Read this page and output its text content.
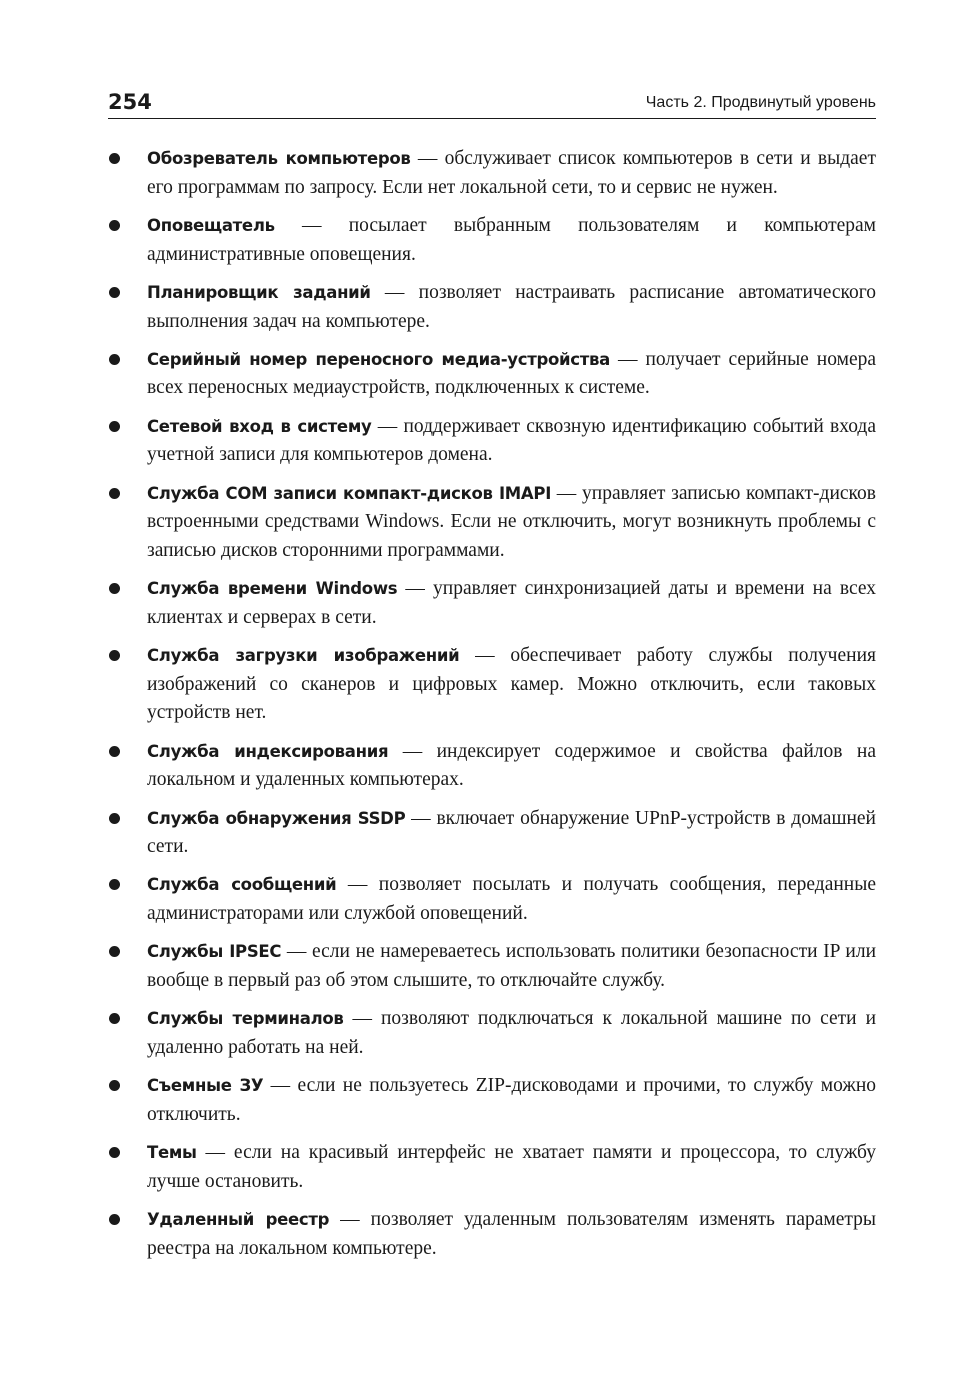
254	Часть 2. Продвинутый уровень
Обозреватель компьютеров — обслуживает список компьютеров в сети и выдает его программам по запросу. Если нет локальной сети, то и сервис не нужен.
Оповещатель — посылает выбранным пользователям и компьютерам административные оповещения.
Планировщик заданий — позволяет настраивать расписание автоматического выполнения задач на компьютере.
Серийный номер переносного медиа-устройства — получает серийные номера всех переносных медиаустройств, подключенных к системе.
Сетевой вход в систему — поддерживает сквозную идентификацию событий входа учетной записи для компьютеров домена.
Служба COM записи компакт-дисков IMAPI — управляет записью компакт-дисков встроенными средствами Windows. Если не отключить, могут возникнуть проблемы с записью дисков сторонними программами.
Служба времени Windows — управляет синхронизацией даты и времени на всех клиентах и серверах в сети.
Служба загрузки изображений — обеспечивает работу службы получения изображений со сканеров и цифровых камер. Можно отключить, если таковых устройств нет.
Служба индексирования — индексирует содержимое и свойства файлов на локальном и удаленных компьютерах.
Служба обнаружения SSDP — включает обнаружение UPnP-устройств в домашней сети.
Служба сообщений — позволяет посылать и получать сообщения, переданные администраторами или службой оповещений.
Службы IPSEC — если не намереваетесь использовать политики безопасности IP или вообще в первый раз об этом слышите, то отключайте службу.
Службы терминалов — позволяют подключаться к локальной машине по сети и удаленно работать на ней.
Съемные ЗУ — если не пользуетесь ZIP-дисководами и прочими, то службу можно отключить.
Темы — если на красивый интерфейс не хватает памяти и процессора, то службу лучше остановить.
Удаленный реестр — позволяет удаленным пользователям изменять параметры реестра на локальном компьютере.
